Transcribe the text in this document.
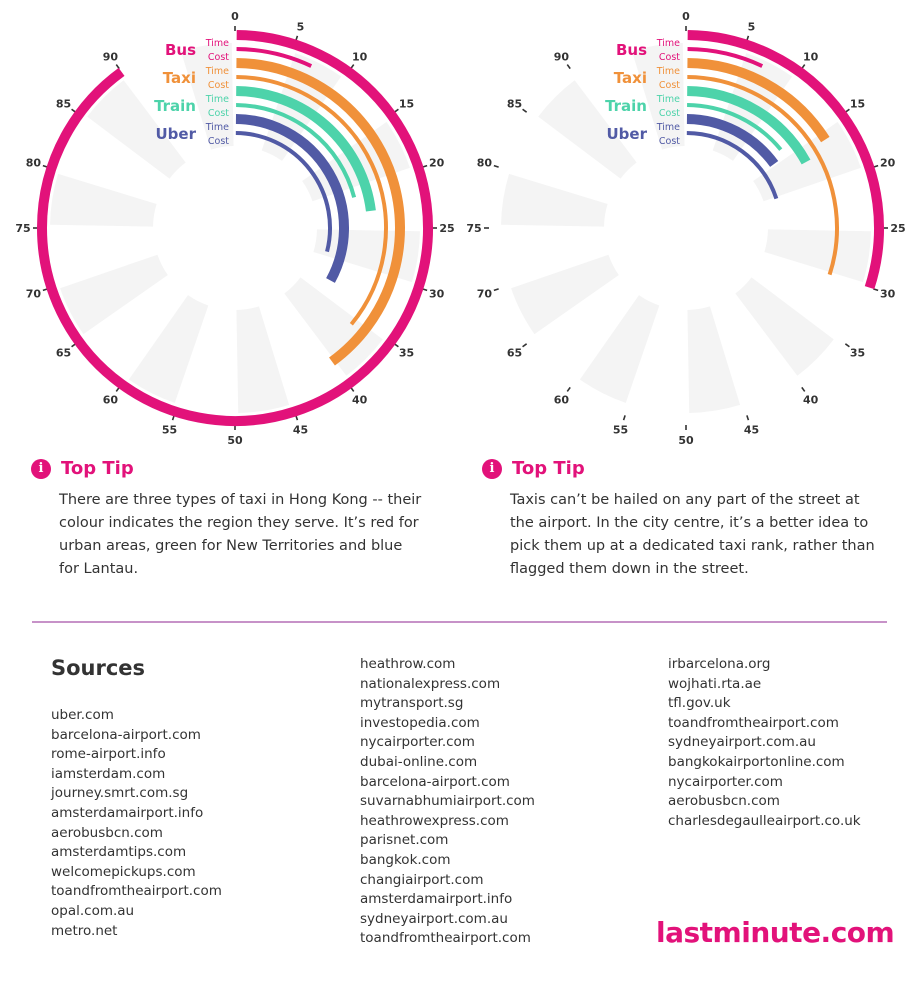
0
5
10
15
20
25
30
35
40
45
50
55
60
65
70
75
80
85
90	Bus Time
Cost
Taxi Time
Cost
Train Time
Cost
Uber Time
Cost
0
5
10
15
20
25
30
35
40
45
50
55
60
65
70
75
80
85
90	Bus Time
Cost
Taxi Time
Cost
Train Time
Cost
Uber Time
Cost
i Top Tip
There are three types of taxi in Hong Kong -- their
colour indicates the region they serve. It’s red for
urban areas, green for New Territories and blue
for Lantau.
i Top Tip
Taxis can’t be hailed on any part of the street at
the airport. In the city centre, it’s a better idea to
pick them up at a dedicated taxi rank, rather than
flagged them down in the street.
Sources
uber.com
barcelona-airport.com
rome-airport.info
iamsterdam.com
journey.smrt.com.sg
amsterdamairport.info
aerobusbcn.com
amsterdamtips.com
welcomepickups.com
toandfromtheairport.com
opal.com.au
metro.net
heathrow.com
nationalexpress.com
mytransport.sg
investopedia.com
nycairporter.com
dubai-online.com
barcelona-airport.com
suvarnabhumiairport.com
heathrowexpress.com
parisnet.com
bangkok.com
changiairport.com
amsterdamairport.info
sydneyairport.com.au
toandfromtheairport.com
irbarcelona.org
wojhati.rta.ae
tfl.gov.uk
toandfromtheairport.com
sydneyairport.com.au
bangkokairportonline.com
nycairporter.com
aerobusbcn.com
charlesdegaulleairport.co.uk
lastminute.com
